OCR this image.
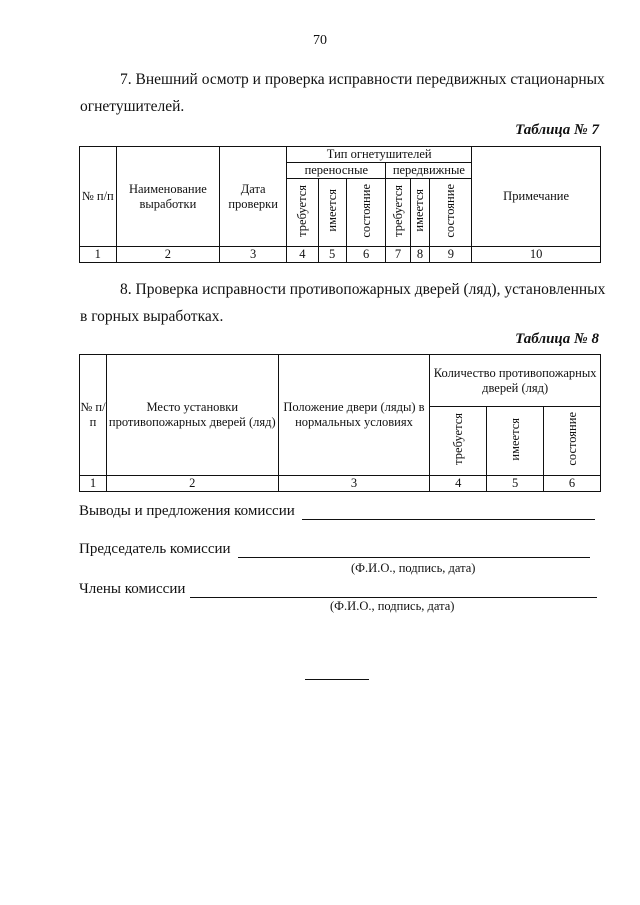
70
7. Внешний осмотр и проверка исправности передвижных стационарных
огнетушителей.
Таблица № 7
№ п/п	Наименование выработки	Дата проверки	Тип огнетушителей						Примечание
			переносные			передвижные			
			требуется	имеется	состояние	требуется	имеется	состояние	
1	2	3	4	5	6	7	8	9	10
8. Проверка исправности противопожарных дверей (ляд), установленных
в горных выработках.
Таблица № 8
№ п/п	Место установки противопожарных дверей (ляд)	Положение двери (ляды) в нормальных условиях	Количество противопожарных дверей (ляд)		
			требуется	имеется	состояние
1	2	3	4	5	6
Выводы и предложения комиссии
Председатель комиссии
(Ф.И.О., подпись, дата)
Члены комиссии
(Ф.И.О., подпись, дата)
